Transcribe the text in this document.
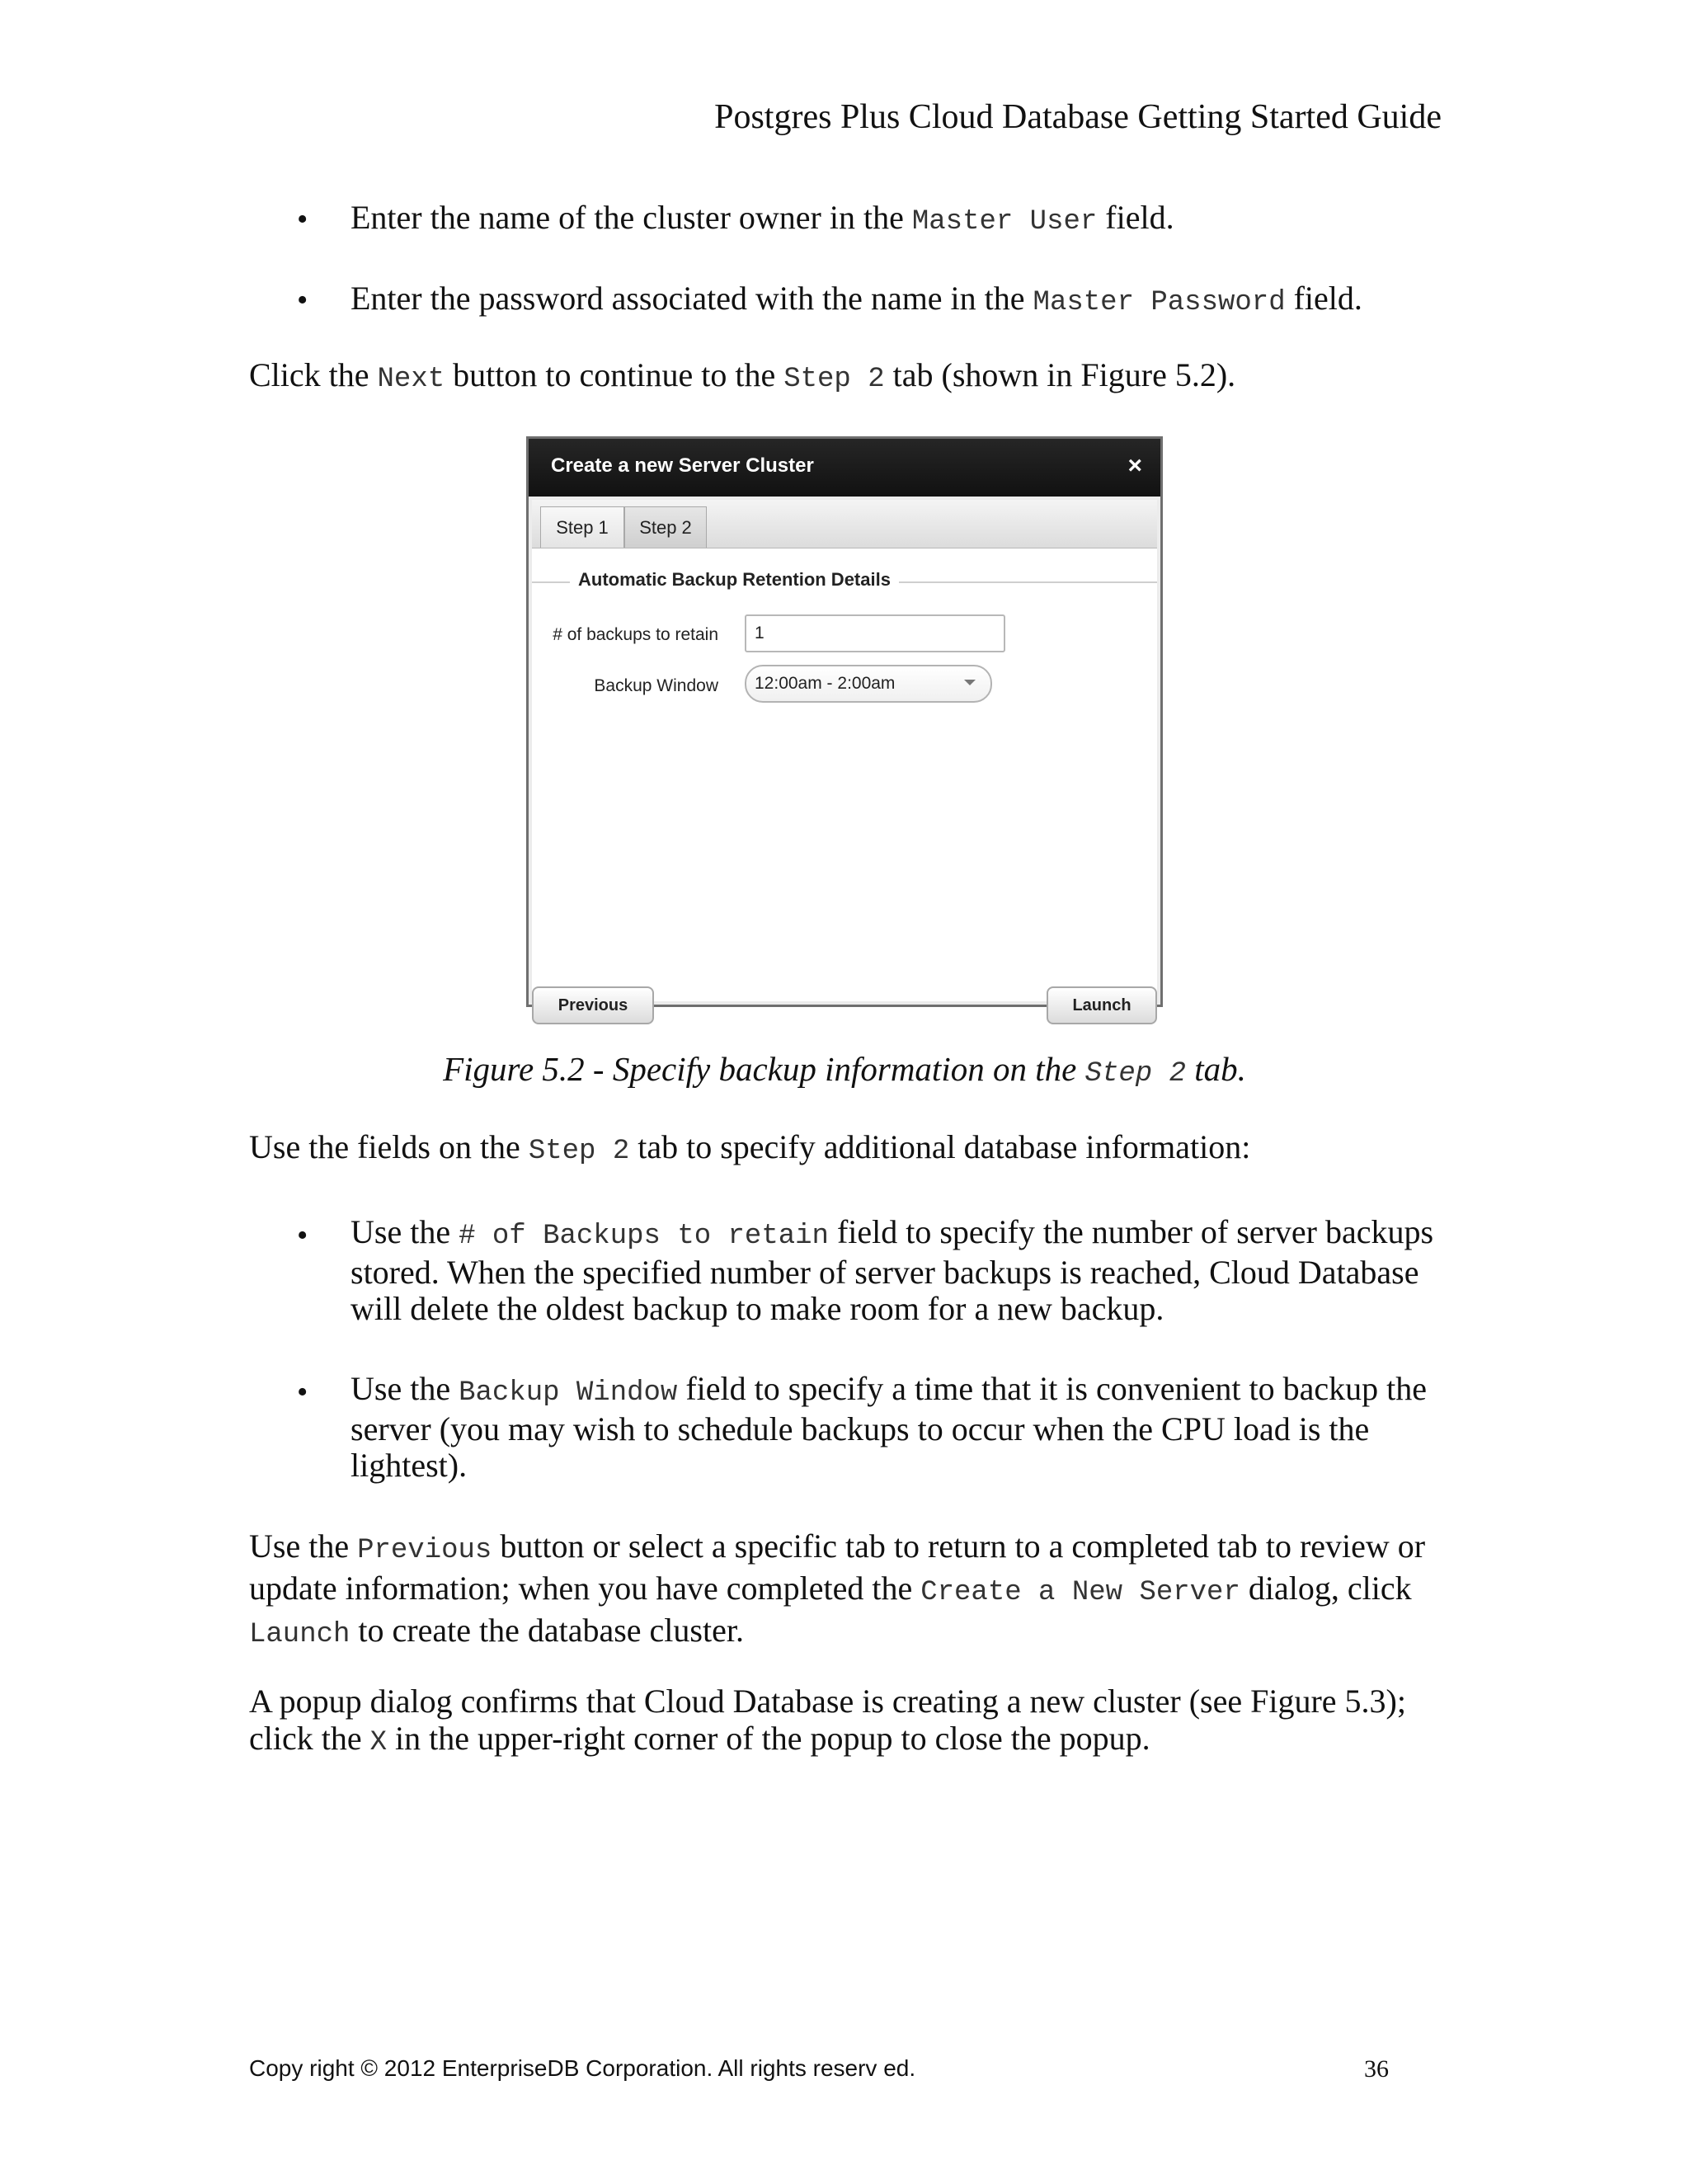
Postgres Plus Cloud Database Getting Started Guide
• Enter the name of the cluster owner in the Master User field.
• Enter the password associated with the name in the Master Password field.
Click the Next button to continue to the Step 2 tab (shown in Figure 5.2).
Create a new Server Cluster	×
Step 1	Step 2
Automatic Backup Retention Details
# of backups to retain	1
Backup Window	12:00am - 2:00am
Previous	Launch
Figure 5.2 - Specify backup information on the Step 2 tab.
Use the fields on the Step 2 tab to specify additional database information:
• Use the # of Backups to retain field to specify the number of server backups stored. When the specified number of server backups is reached, Cloud Database will delete the oldest backup to make room for a new backup.
• Use the Backup Window field to specify a time that it is convenient to backup the server (you may wish to schedule backups to occur when the CPU load is the lightest).
Use the Previous button or select a specific tab to return to a completed tab to review or update information; when you have completed the Create a New Server dialog, click Launch to create the database cluster.
A popup dialog confirms that Cloud Database is creating a new cluster (see Figure 5.3); click the X in the upper-right corner of the popup to close the popup.
Copy right © 2012 EnterpriseDB Corporation. All rights reserv ed.	36
